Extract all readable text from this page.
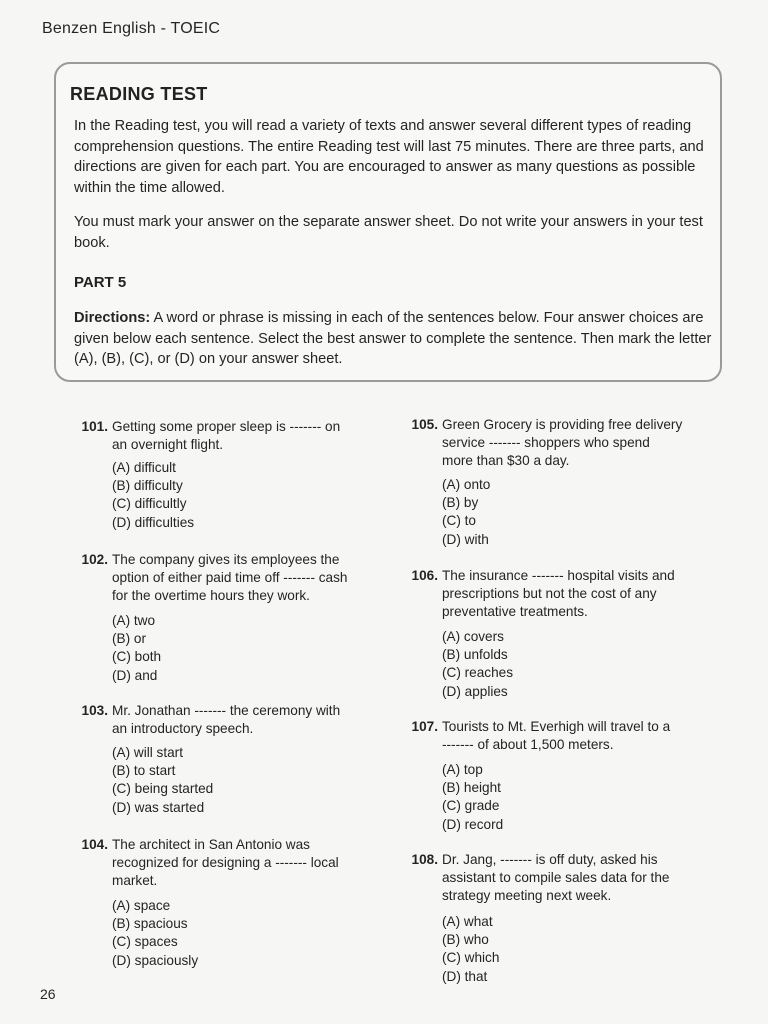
Benzen English - TOEIC
READING TEST

In the Reading test, you will read a variety of texts and answer several different types of reading comprehension questions. The entire Reading test will last 75 minutes. There are three parts, and directions are given for each part. You are encouraged to answer as many questions as possible within the time allowed.

You must mark your answer on the separate answer sheet. Do not write your answers in your test book.

PART 5

Directions: A word or phrase is missing in each of the sentences below. Four answer choices are given below each sentence. Select the best answer to complete the sentence. Then mark the letter (A), (B), (C), or (D) on your answer sheet.

101. Getting some proper sleep is ------- on
an overnight flight.
(A) difficult
(B) difficulty
(C) difficultly
(D) difficulties
102. The company gives its employees the
option of either paid time off ------- cash
for the overtime hours they work.
(A) two
(B) or
(C) both
(D) and
103. Mr. Jonathan ------- the ceremony with
an introductory speech.
(A) will start
(B) to start
(C) being started
(D) was started
104. The architect in San Antonio was
recognized for designing a ------- local
market.
(A) space
(B) spacious
(C) spaces
(D) spaciously
105. Green Grocery is providing free delivery
service ------- shoppers who spend
more than $30 a day.
(A) onto
(B) by
(C) to
(D) with
106. The insurance ------- hospital visits and
prescriptions but not the cost of any
preventative treatments.
(A) covers
(B) unfolds
(C) reaches
(D) applies
107. Tourists to Mt. Everhigh will travel to a
------- of about 1,500 meters.
(A) top
(B) height
(C) grade
(D) record
108. Dr. Jang, ------- is off duty, asked his
assistant to compile sales data for the
strategy meeting next week.
(A) what
(B) who
(C) which
(D) that
26
